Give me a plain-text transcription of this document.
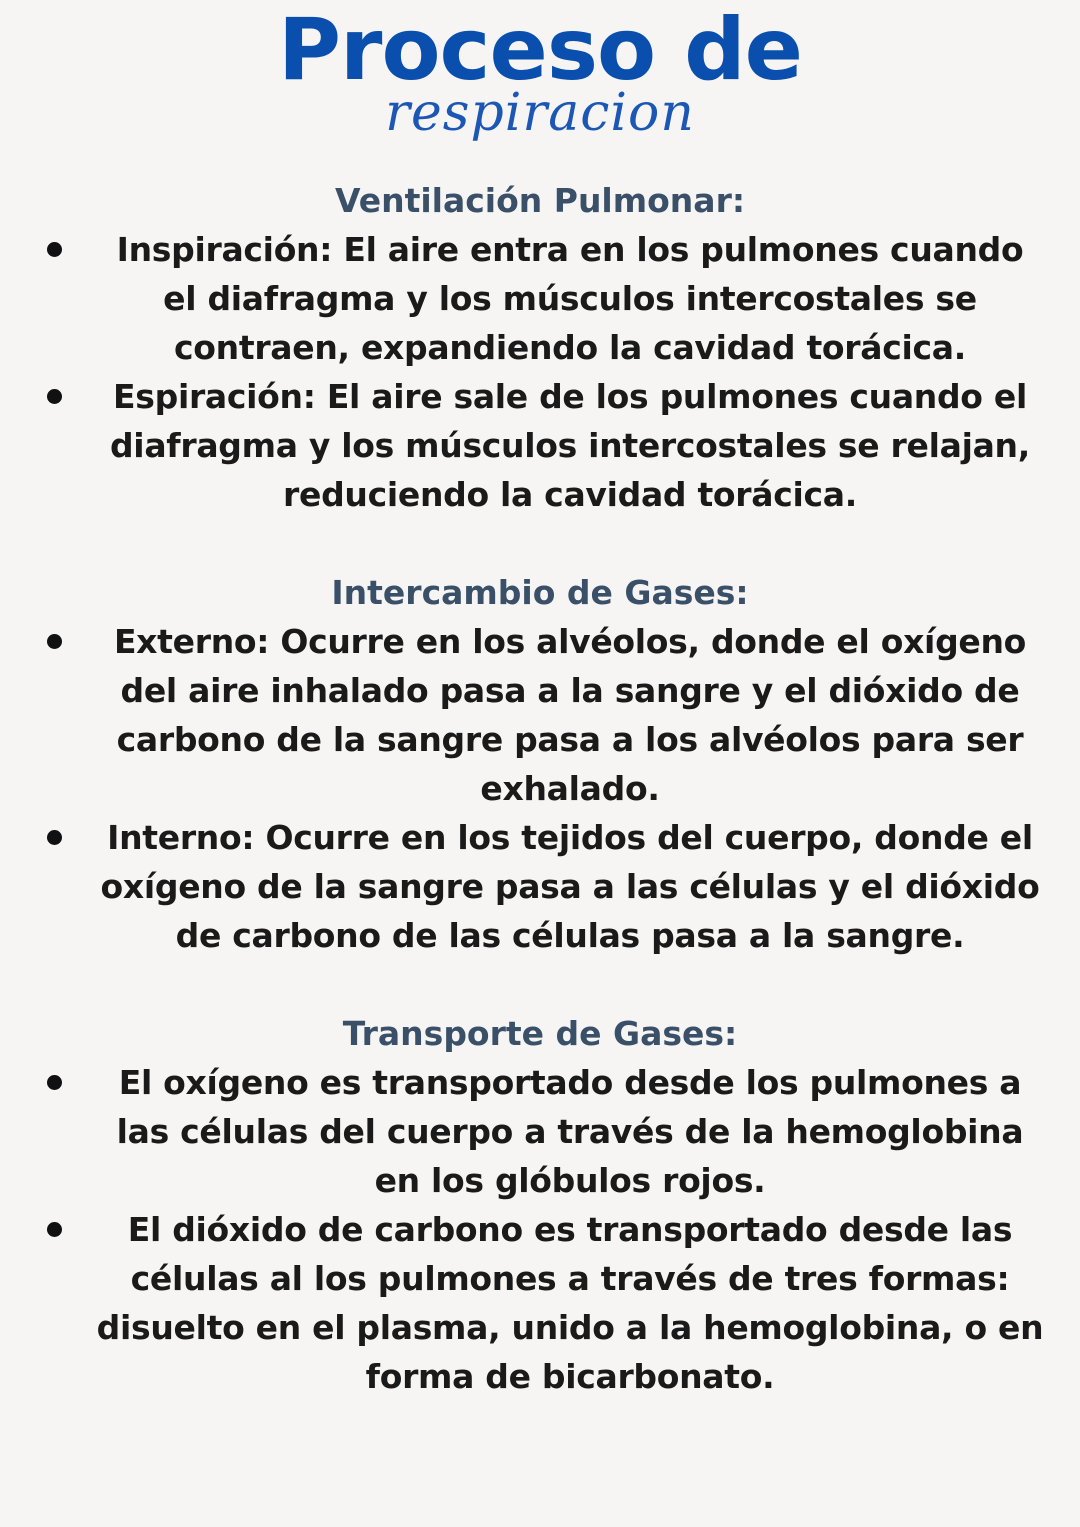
Proceso de
respiracion
Ventilación Pulmonar:
Inspiración: El aire entra en los pulmones cuando el diafragma y los músculos intercostales se contraen, expandiendo la cavidad torácica.
Espiración: El aire sale de los pulmones cuando el diafragma y los músculos intercostales se relajan, reduciendo la cavidad torácica.
Intercambio de Gases:
Externo: Ocurre en los alvéolos, donde el oxígeno del aire inhalado pasa a la sangre y el dióxido de carbono de la sangre pasa a los alvéolos para ser exhalado.
Interno: Ocurre en los tejidos del cuerpo, donde el oxígeno de la sangre pasa a las células y el dióxido de carbono de las células pasa a la sangre.
Transporte de Gases:
El oxígeno es transportado desde los pulmones a las células del cuerpo a través de la hemoglobina en los glóbulos rojos.
El dióxido de carbono es transportado desde las células al los pulmones a través de tres formas: disuelto en el plasma, unido a la hemoglobina, o en forma de bicarbonato.
